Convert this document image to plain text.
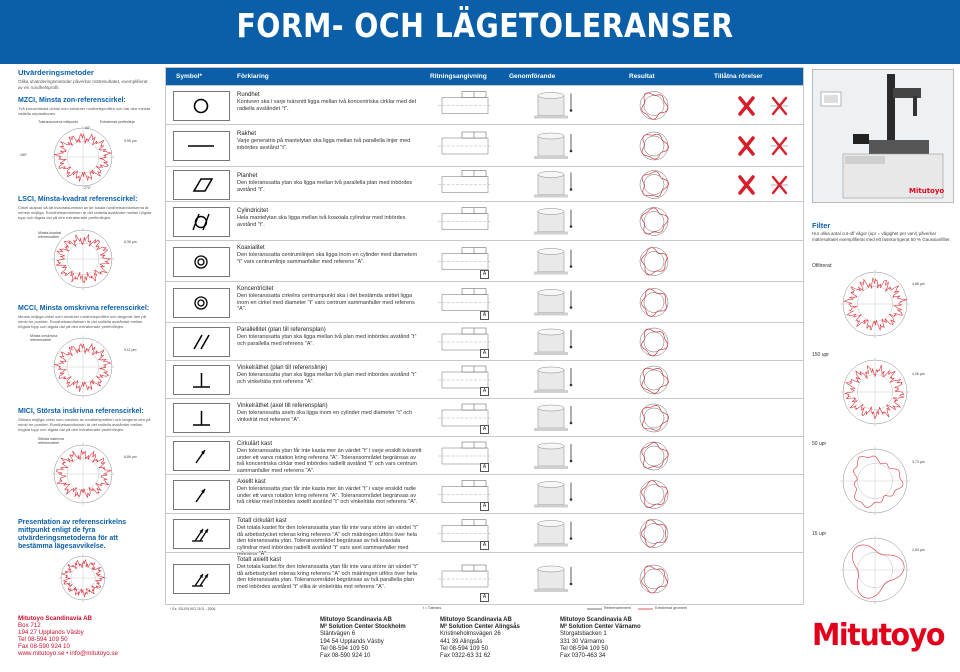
FORM- OCH LÄGETOLERANSER
Utvärderingsmetoder
Olika utvärderingsmetoder påverkar mätresultatet, exemplifierat av en rundhetsprofil.
MZCI, Minsta zon-referenscirkel:
Två koncentriska cirklar som omsluter rundhetsprofilen och har den minsta radiella separationen.
Toleranszonens mittpunkt	Extraherad periferilinje
5,95 µm
LSCI, Minsta-kvadrat referenscirkel:
Cirkel skapad så att kvadratsumman av de lokala rundhetsavvikelserna är minsta möjliga. Rundhetsavvikelsen är det radiella avståndet mellan högsta topp och lägsta dal på den extraherade periferilinjen.
Minsta-kvadrat referenscirkel
6,36 µm
MCCI, Minsta omskrivna referenscirkel:
Minsta möjliga cirkel som omsluter rundhetsprofilen och tangerar den på minst tre punkter. Rundhetsavvikelsen är det radiella avståndet mellan högsta topp och lägsta dal på den extraherade periferilinjen.
Minsta omskrivna referenscirkel
9,11 µm
MICI, Största inskrivna referenscirkel:
Största möjliga cirkel som omsluts av rundhetsprofilen och tangerar den på minst tre punkter. Rundhetsavvikelsen är det radiella avståndet mellan högsta topp och lägsta dal på den extraherade periferilinjen.
Största inskrivna referenscirkel
6,86 µm
Presentation av referenscirkelns mittpunkt enligt de fyra utvärderingsmetoderna för att bestämma lägesavvikelse.
90°
180°
270°
Symbol*	Förklaring	Ritningsangivning	Genomförande	Resultat	Tillåtna rörelser
Rundhet
Konturen ska i varje tvärsnitt ligga mellan två koncentriska cirklar med det radiella avståndet "t".
Rakhet
Varje generatris på mantelytan ska ligga mellan två parallella linjer med inbördes avstånd "t".
Planhet
Den toleranssatta ytan ska ligga mellan två parallella plan med inbördes avstånd "t".
Cylindricitet
Hela mantelytan ska ligga mellan två koaxiala cylindrar med inbördes avstånd "t".
Koaxialitet
Den toleranssatta centrumlinjen ska ligga inom en cylinder med diametern "t" vars centrumlinje sammanfaller med referens "A".
A
Koncentricitet
Den toleranssatta cirkelns centrumpunkt ska i det bestämda snittet ligga inom en cirkel med diameter "t" vars centrum sammanfaller med referens "A".
A
Parallellitet (plan till referensplan)
Den toleranssatta ytan ska ligga mellan två plan med inbördes avstånd "t" och parallella med referens "A".
A
Vinkelräthet (plan till referenslinje)
Den toleranssatta ytan ska ligga mellan två plan med inbördes avstånd "t" och vinkelräta mot referens "A".
A
Vinkelräthet (axel till referensplan)
Den toleranssatta axeln ska ligga inom en cylinder med diameter "t" och vinkelrät mot referens "A".
A
Cirkulärt kast
Den toleranssatta ytan får inte kasta mer än värdet "t" i varje enskilt tvärsnitt under ett varvs rotation kring referens "A". Toleransområdet begränsas av två koncentriska cirklar med inbördes radiellt avstånd "t" och vars centrum sammanfaller med referens "A".
A
Axiellt kast
Den toleranssatta ytan får inte kasta mer än värdet "t" i varje enskild radie under ett varvs rotation kring referens "A". Toleransområdet begränsas av två cirklar med inbördes axiellt avstånd "t" och vinkelräta mot referens "A".
A
Totalt cirkulärt kast
Det totala kastet för den toleranssatta ytan får inte vara större än värdet "t" då arbetsstycket roteras kring referens "A" och mätningen utförs över hela den toleranssatta ytan. Toleransområdet begränsas av två koaxiala cylindrar med inbördes radiellt avstånd "t" vars axel sammanfaller med referens "A".
A
Totalt axiellt kast
Det totala kastet för den toleranssatta ytan får inte vara större än värdet "t" då arbetsstycket roteras kring referens "A" och mätningen utförs över hela den toleranssatta ytan. Toleransområdet begränsas av två parallella plan med inbördes avstånd "t" vilka är vinkelräta mot referens "A".
A
* Ex. SS-EN ISO 1101 : 2006	t = Tolerans	Referenselement	Extraherad geometri
Mitutoyo
Filter
Hur olika antal cut-off vågor (upr = vågighet per varv) påverkar mätresultatet exemplifierat med ett fasskorrigerat 50 % Gaussianfilter.
Ofiltrerat:
4,88 µm
150 upr
4,06 µm
50 upr
3,73 µm
15 upr
2,84 µm
Mitutoyo Scandinavia AB
Box 712
194 27 Upplands Väsby
Tel 08-594 109 50
Fax 08-590 924 10
www.mitutoyo.se • info@mitutoyo.se
Mitutoyo Scandinavia AB
M³ Solution Center Stockholm
Släntvägen 6
194 54 Upplands Väsby
Tel 08-594 109 50
Fax 08-590 924 10
Mitutoyo Scandinavia AB
M³ Solution Center Alingsås
Kristineholmsvägen 26
441 39 Alingsås
Tel 08-594 109 50
Fax 0322-63 31 62
Mitutoyo Scandinavia AB
M³ Solution Center Värnamo
Storgatsbacken 1
331 30 Värnamo
Tel 08-594 109 50
Fax 0370-463 34
Mitutoyo
